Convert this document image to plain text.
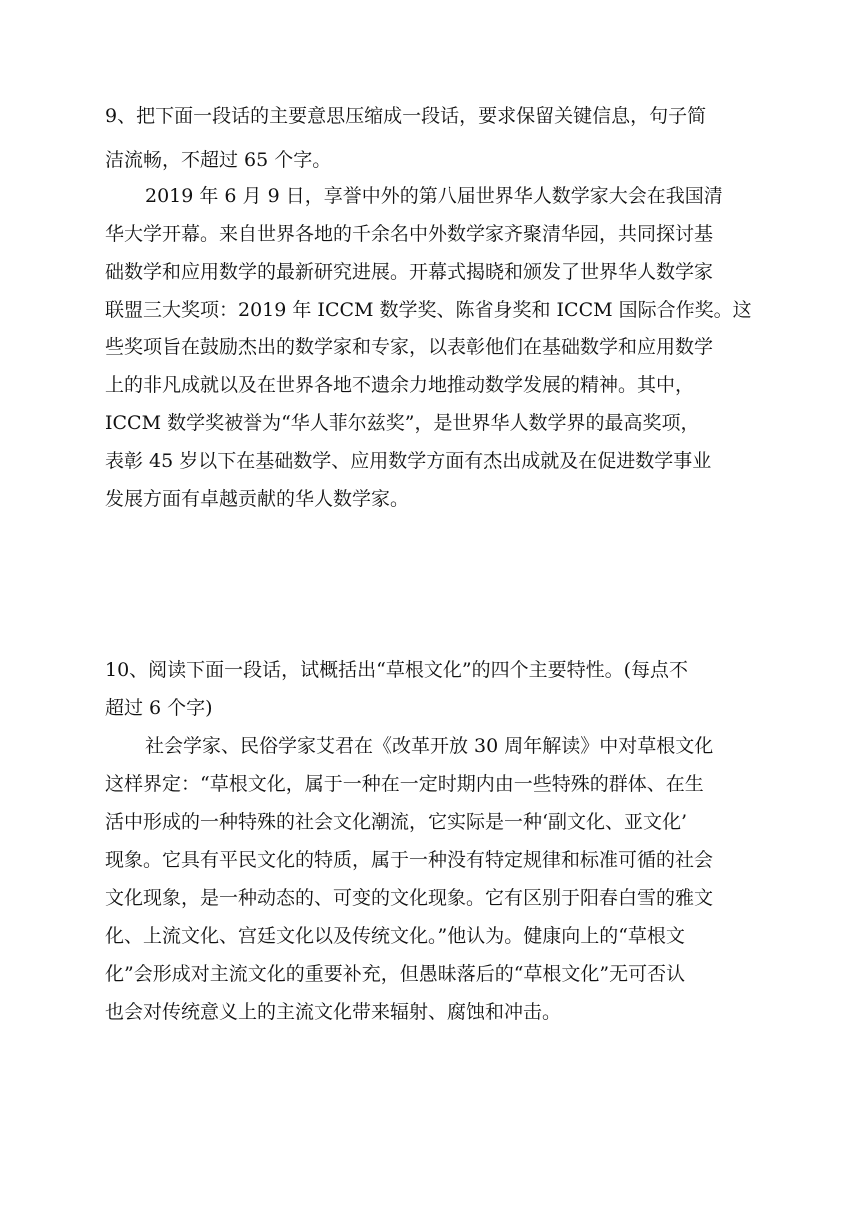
9、把下面一段话的主要意思压缩成一段话，要求保留关键信息，句子简
洁流畅，不超过 65 个字。
2019 年 6 月 9 日，享誉中外的第八届世界华人数学家大会在我国清
华大学开幕。来自世界各地的千余名中外数学家齐聚清华园，共同探讨基
础数学和应用数学的最新研究进展。开幕式揭晓和颁发了世界华人数学家
联盟三大奖项：2019 年 ICCM 数学奖、陈省身奖和 ICCM 国际合作奖。这
些奖项旨在鼓励杰出的数学家和专家，以表彰他们在基础数学和应用数学
上的非凡成就以及在世界各地不遗余力地推动数学发展的精神。其中，
ICCM 数学奖被誉为“华人菲尔兹奖”，是世界华人数学界的最高奖项，
表彰 45 岁以下在基础数学、应用数学方面有杰出成就及在促进数学事业
发展方面有卓越贡献的华人数学家。
10、阅读下面一段话，试概括出“草根文化”的四个主要特性。(每点不
超过 6 个字)
社会学家、民俗学家艾君在《改革开放 30 周年解读》中对草根文化
这样界定：“草根文化，属于一种在一定时期内由一些特殊的群体、在生
活中形成的一种特殊的社会文化潮流，它实际是一种‘副文化、亚文化’
现象。它具有平民文化的特质，属于一种没有特定规律和标准可循的社会
文化现象，是一种动态的、可变的文化现象。它有区别于阳春白雪的雅文
化、上流文化、宫廷文化以及传统文化。”他认为。健康向上的“草根文
化”会形成对主流文化的重要补充，但愚昧落后的“草根文化”无可否认
也会对传统意义上的主流文化带来辐射、腐蚀和冲击。
